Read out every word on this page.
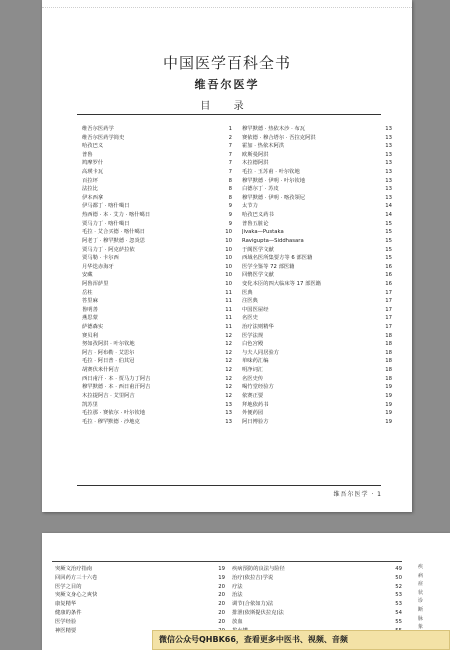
中国医学百科全书
维吾尔医学
目 录
维吾尔医药学	1
维吾尔医药学简史	2
哈孜巴义	7
普鲁	7
鸠摩罗什	7
高瑛卡瓦	7
百拉坪	8
法拉比	8
伊本西拿	8
伊马都丁 · 喀什噶日	9
热西德 · 本 · 艾力 · 喀什噶日	9
贾马力丁 · 喀什噶日	9
毛拉 · 艾合买德 · 喀什噶日	10
阿老丁 · 穆罕默德 · 忽炎思	10
贾马力丁 · 阿克萨拉依	10
贾马勒 · 卡尔西	10
月华迭赤海牙	10
安藏	10
阿鲁浑萨里	10
岳柱	11
答里麻	11
鲁明善	11
燕思蒙	11
萨德森实	11
赛贝利	12
努如孜阿洪 · 叶尔钦地	12
阿吉 · 阿布勒 · 艾思尔	12
毛拉 · 阿日普 · 伯其冠	12
胡赛伏米什阿吉	12
西日甫汗 · 本 · 贾马力丁阿吉	12
穆罕默德 · 本 · 西日甫汗阿吉	12
木拉提阿吉 · 艾里阿吉	12
凯苏里	13
毛拉那 · 赛依尔 · 叶尔钦地	13
毛拉 · 穆罕默德 · 沙地克	13
穆罕默德 · 热依木沙 · 布瓦	13
赛依德 · 穆合塔尔 · 吾拉克阿洪	13
霍加 · 热依木阿洪	13
欧斯曼阿洪	13
木拉德阿洪	13
毛拉 · 玉苏甫 · 叶尔钦地	13
穆罕默德 · 伊明 · 叶尔钦地	13
白德尔丁 · 苏皮	13
穆罕默德 · 伊明 · 喀孜领尼	13
太节力	14
哈孜巴义药书	14
普鲁五脏论	15
Jivaka—Pustaka	15
Ravigupta—Siddhasara	15
于阗医学文献	15
西域名医所集要方等 6 部医籍	15
医学全鉴等 72 部医籍	16
回鹘医学文献	16
变化本臣的四大临床等 17 部医籍	16
医典	17
注医典	17
中国医屋经	17
名医史	17
治疗法则精华	17
医学法规	18
白色宫殿	18
与夫人同居验方	18
单味药汇编	18
明净词汇	18
名医史传	18
喝竹堂经验方	19
依赛正要	19
拜地依药书	19
外便药园	19
阿日博验方	19
维吾尔医学 · 1
突厥文治疗指南	19
回回药方三十六卷	19
医学之目的	20
突厥文身心之爽快	20
康复精华	20
健康的条件	20
医学经验	20
神医精要
疾病预防的良法与险径	49
治疗(依拉吉)学说	50
疗法	52
治法	53
调节(合依如力)法	53
排泄(依斯提伏拉克)法	54
放血	55
疾
病
症
状
诊
断
脉
象
微信公众号QHBK66，查看更多中医书、视频、音频
